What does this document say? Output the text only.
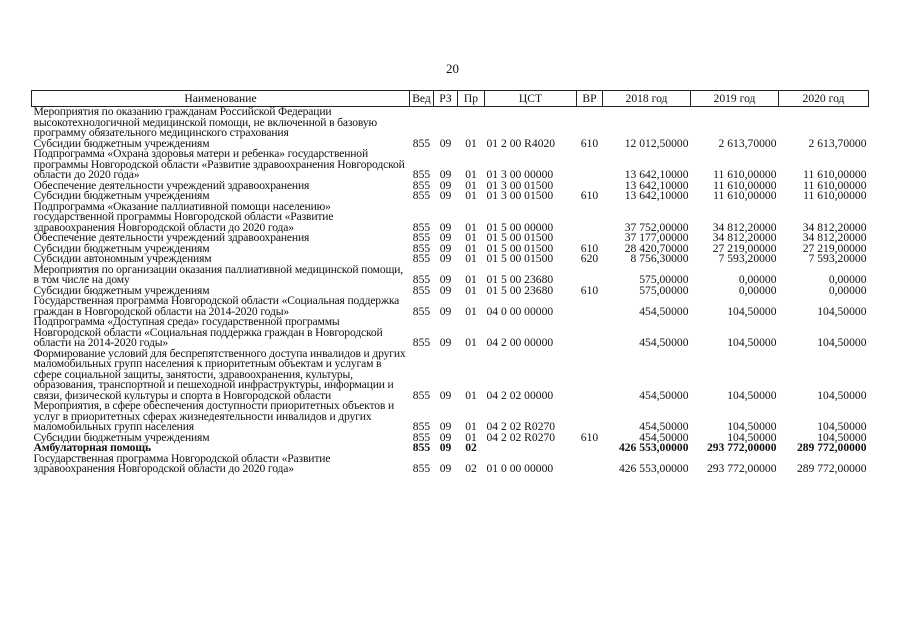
20
Наименование	Вед	РЗ	Пр	ЦСТ	ВР	2018 год	2019 год	2020 год
Мероприятия по оказанию гражданам Российской Федерации высокотехнологичной медицинской помощи, не включенной в базовую программу обязательного медицинского страхования								
Субсидии бюджетным учреждениям	855	09	01	01 2 00 R4020	610	12 012,50000	2 613,70000	2 613,70000
Подпрограмма «Охрана здоровья матери и ребенка» государственной программы Новгородской области «Развитие здравоохранения Новгородской области до 2020 года»	855	09	01	01 3 00 00000		13 642,10000	11 610,00000	11 610,00000
Обеспечение деятельности учреждений здравоохранения	855	09	01	01 3 00 01500		13 642,10000	11 610,00000	11 610,00000
Субсидии бюджетным учреждениям	855	09	01	01 3 00 01500	610	13 642,10000	11 610,00000	11 610,00000
Подпрограмма «Оказание паллиативной помощи населению» государственной программы Новгородской области «Развитие здравоохранения Новгородской области до 2020 года»	855	09	01	01 5 00 00000		37 752,00000	34 812,20000	34 812,20000
Обеспечение деятельности учреждений здравоохранения	855	09	01	01 5 00 01500		37 177,00000	34 812,20000	34 812,20000
Субсидии бюджетным учреждениям	855	09	01	01 5 00 01500	610	28 420,70000	27 219,00000	27 219,00000
Субсидии автономным учреждениям	855	09	01	01 5 00 01500	620	8 756,30000	7 593,20000	7 593,20000
Мероприятия по организации оказания паллиативной медицинской помощи, в том числе на дому	855	09	01	01 5 00 23680		575,00000	0,00000	0,00000
Субсидии бюджетным учреждениям	855	09	01	01 5 00 23680	610	575,00000	0,00000	0,00000
Государственная программа Новгородской области «Социальная поддержка граждан в Новгородской области на 2014-2020 годы»	855	09	01	04 0 00 00000		454,50000	104,50000	104,50000
Подпрограмма «Доступная среда» государственной программы Новгородской области «Социальная поддержка граждан в Новгородской области на 2014-2020 годы»	855	09	01	04 2 00 00000		454,50000	104,50000	104,50000
Формирование условий для беспрепятственного доступа инвалидов и других маломобильных групп населения к приоритетным объектам и услугам в сфере социальной защиты, занятости, здравоохранения, культуры, образования, транспортной и пешеходной инфраструктуры, информации и связи, физической культуры и спорта в Новгородской области	855	09	01	04 2 02 00000		454,50000	104,50000	104,50000
Мероприятия, в сфере обеспечения доступности приоритетных объектов и услуг в приоритетных сферах жизнедеятельности инвалидов и других маломобильных групп населения	855	09	01	04 2 02 R0270		454,50000	104,50000	104,50000
Субсидии бюджетным учреждениям	855	09	01	04 2 02 R0270	610	454,50000	104,50000	104,50000
Амбулаторная помощь	855	09	02			426 553,00000	293 772,00000	289 772,00000
Государственная программа Новгородской области «Развитие здравоохранения Новгородской области до 2020 года»	855	09	02	01 0 00 00000		426 553,00000	293 772,00000	289 772,00000
